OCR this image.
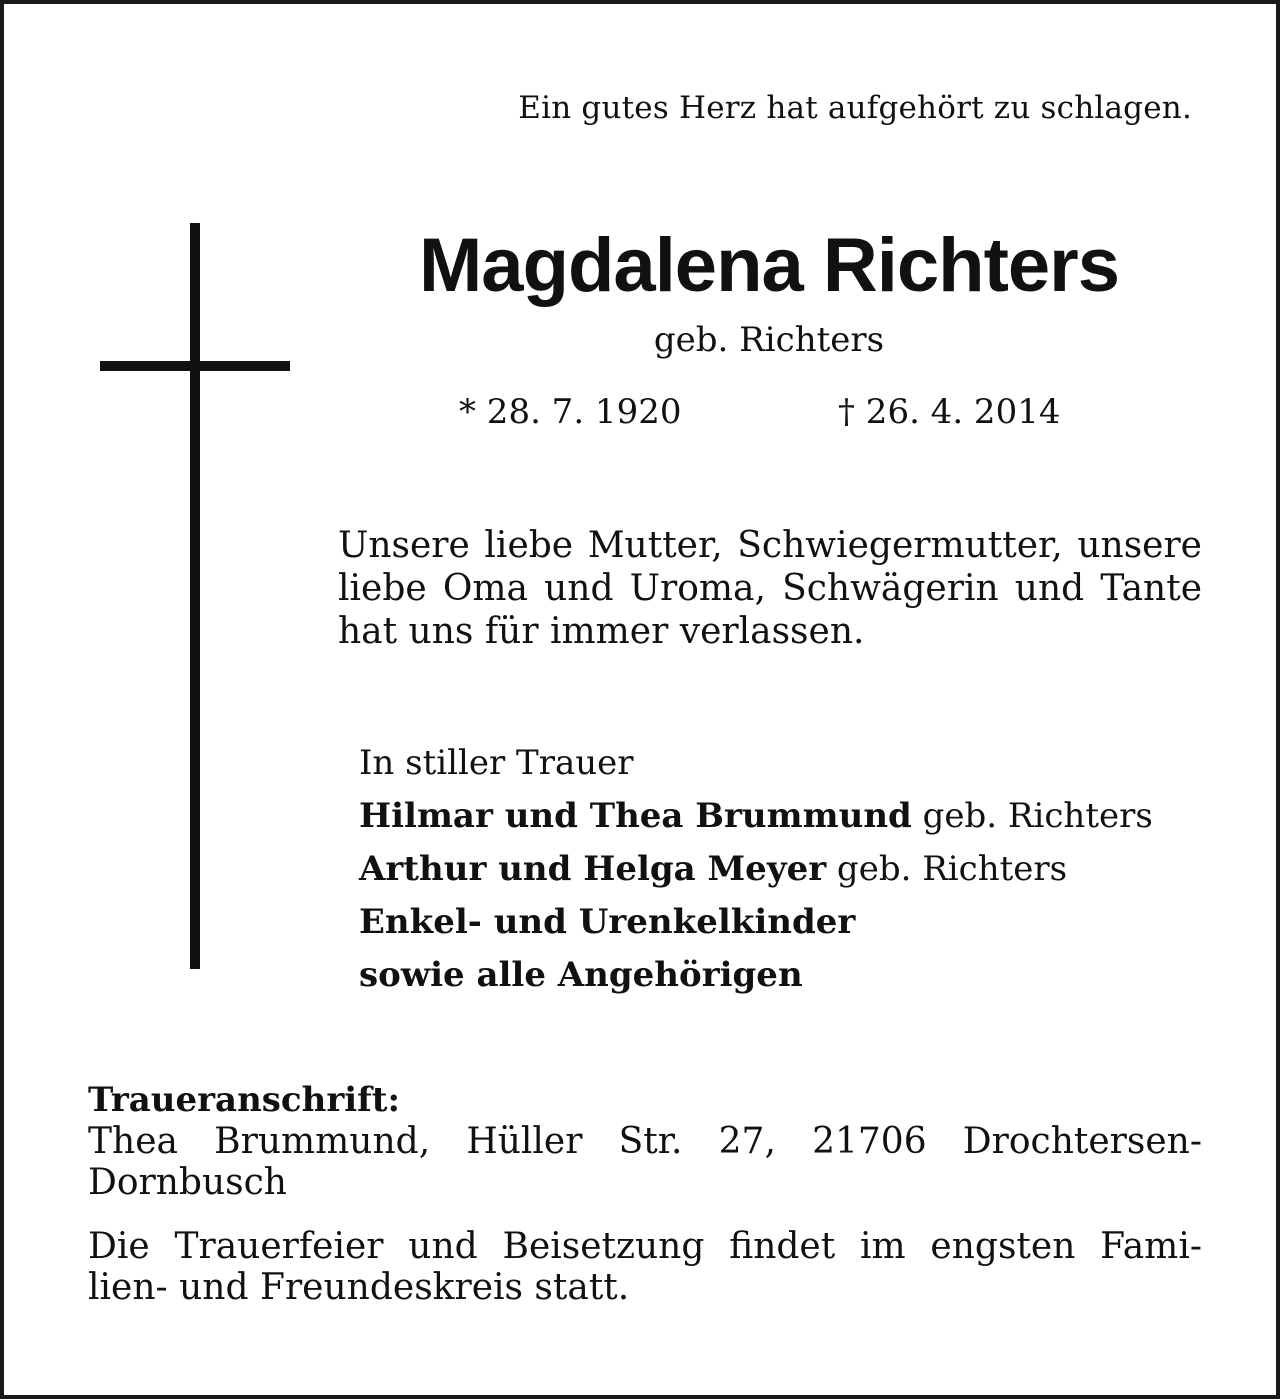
Ein gutes Herz hat aufgehört zu schlagen.
Magdalena Richters
geb. Richters
* 28. 7. 1920	† 26. 4. 2014

Unsere liebe Mutter, Schwiegermutter, unsere liebe Oma und Uroma, Schwägerin und Tante hat uns für immer verlassen.

In stiller Trauer
Hilmar und Thea Brummund geb. Richters
Arthur und Helga Meyer geb. Richters
Enkel- und Urenkelkinder
sowie alle Angehörigen
Traueranschrift:

Thea Brummund, Hüller Str. 27, 21706 Drochtersen-
Dornbusch

Die Trauerfeier und Beisetzung findet im engsten Fami-
lien- und Freundeskreis statt.
